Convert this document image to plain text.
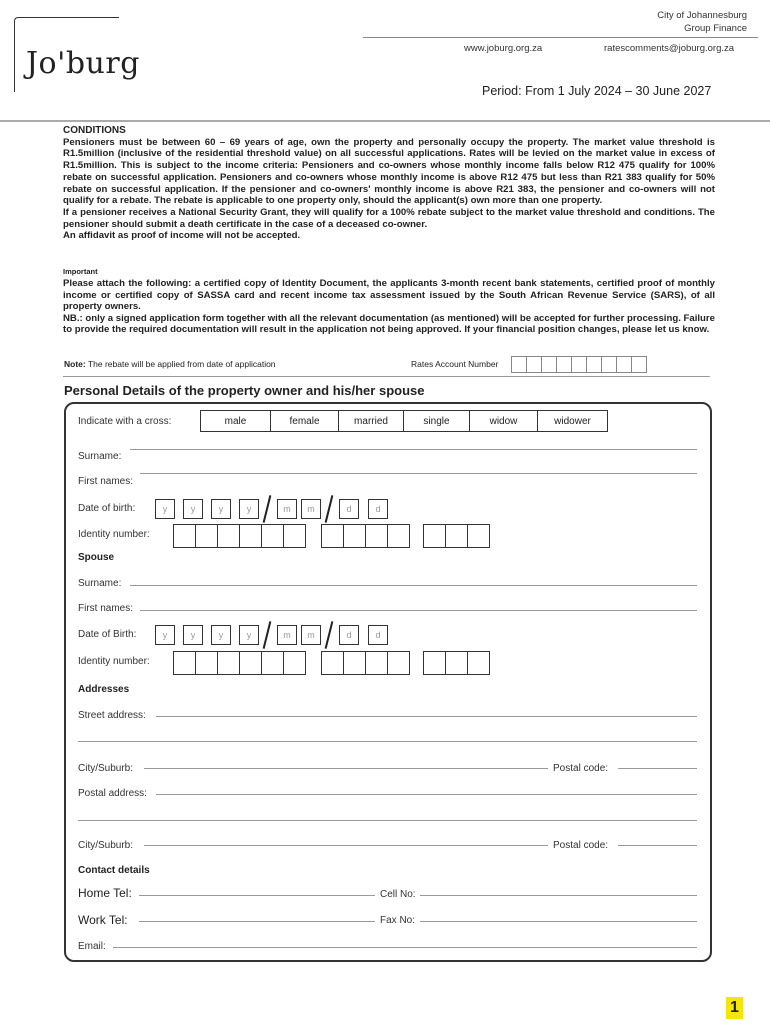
Jo'burg
City of Johannesburg
Group Finance
www.joburg.org.za	ratescomments@joburg.org.za
Period: From 1 July 2024 – 30 June 2027

CONDITIONS

Pensioners must be between 60 – 69 years of age, own the property and personally occupy the property. The market value threshold is R1.5million (inclusive of the residential threshold value) on all successful applications. Rates will be levied on the market value in excess of R1.5million. This is subject to the income criteria: Pensioners and co-owners whose monthly income falls below R12 475 qualify for 100% rebate on successful application. Pensioners and co-owners whose monthly income is above R12 475 but less than R21 383 qualify for 50% rebate on successful application. If the pensioner and co-owners' monthly income is above R21 383, the pensioner and co-owners will not qualify for a rebate. The rebate is applicable to one property only, should the applicant(s) own more than one property.

If a pensioner receives a National Security Grant, they will qualify for a 100% rebate subject to the market value threshold and conditions. The pensioner should submit a death certificate in the case of a deceased co-owner.

An affidavit as proof of income will not be accepted.

Important

Please attach the following: a certified copy of Identity Document, the applicants 3-month recent bank statements, certified proof of monthly income or certified copy of SASSA card and recent income tax assessment issued by the South African Revenue Service (SARS), of all property owners.

NB.: only a signed application form together with all the relevant documentation (as mentioned) will be accepted for further processing. Failure to provide the required documentation will result in the application not being approved. If your financial position changes, please let us know.

Note: The rebate will be applied from date of application	Rates Account Number
Personal Details of the property owner and his/her spouse
Indicate with a cross:	male	female	married	single	widow	widower
Surname:
First names:
Date of birth:	y	y	y	y	m	m	d	d
Identity number:
Spouse
Surname:
First names:
Date of Birth:	y	y	y	y	m	m	d	d
Identity number:
Addresses
Street address:
City/Suburb:	Postal code:
Postal address:
City/Suburb:	Postal code:
Contact details
Home Tel:	Cell No:
Work Tel:	Fax No:
Email:
1
